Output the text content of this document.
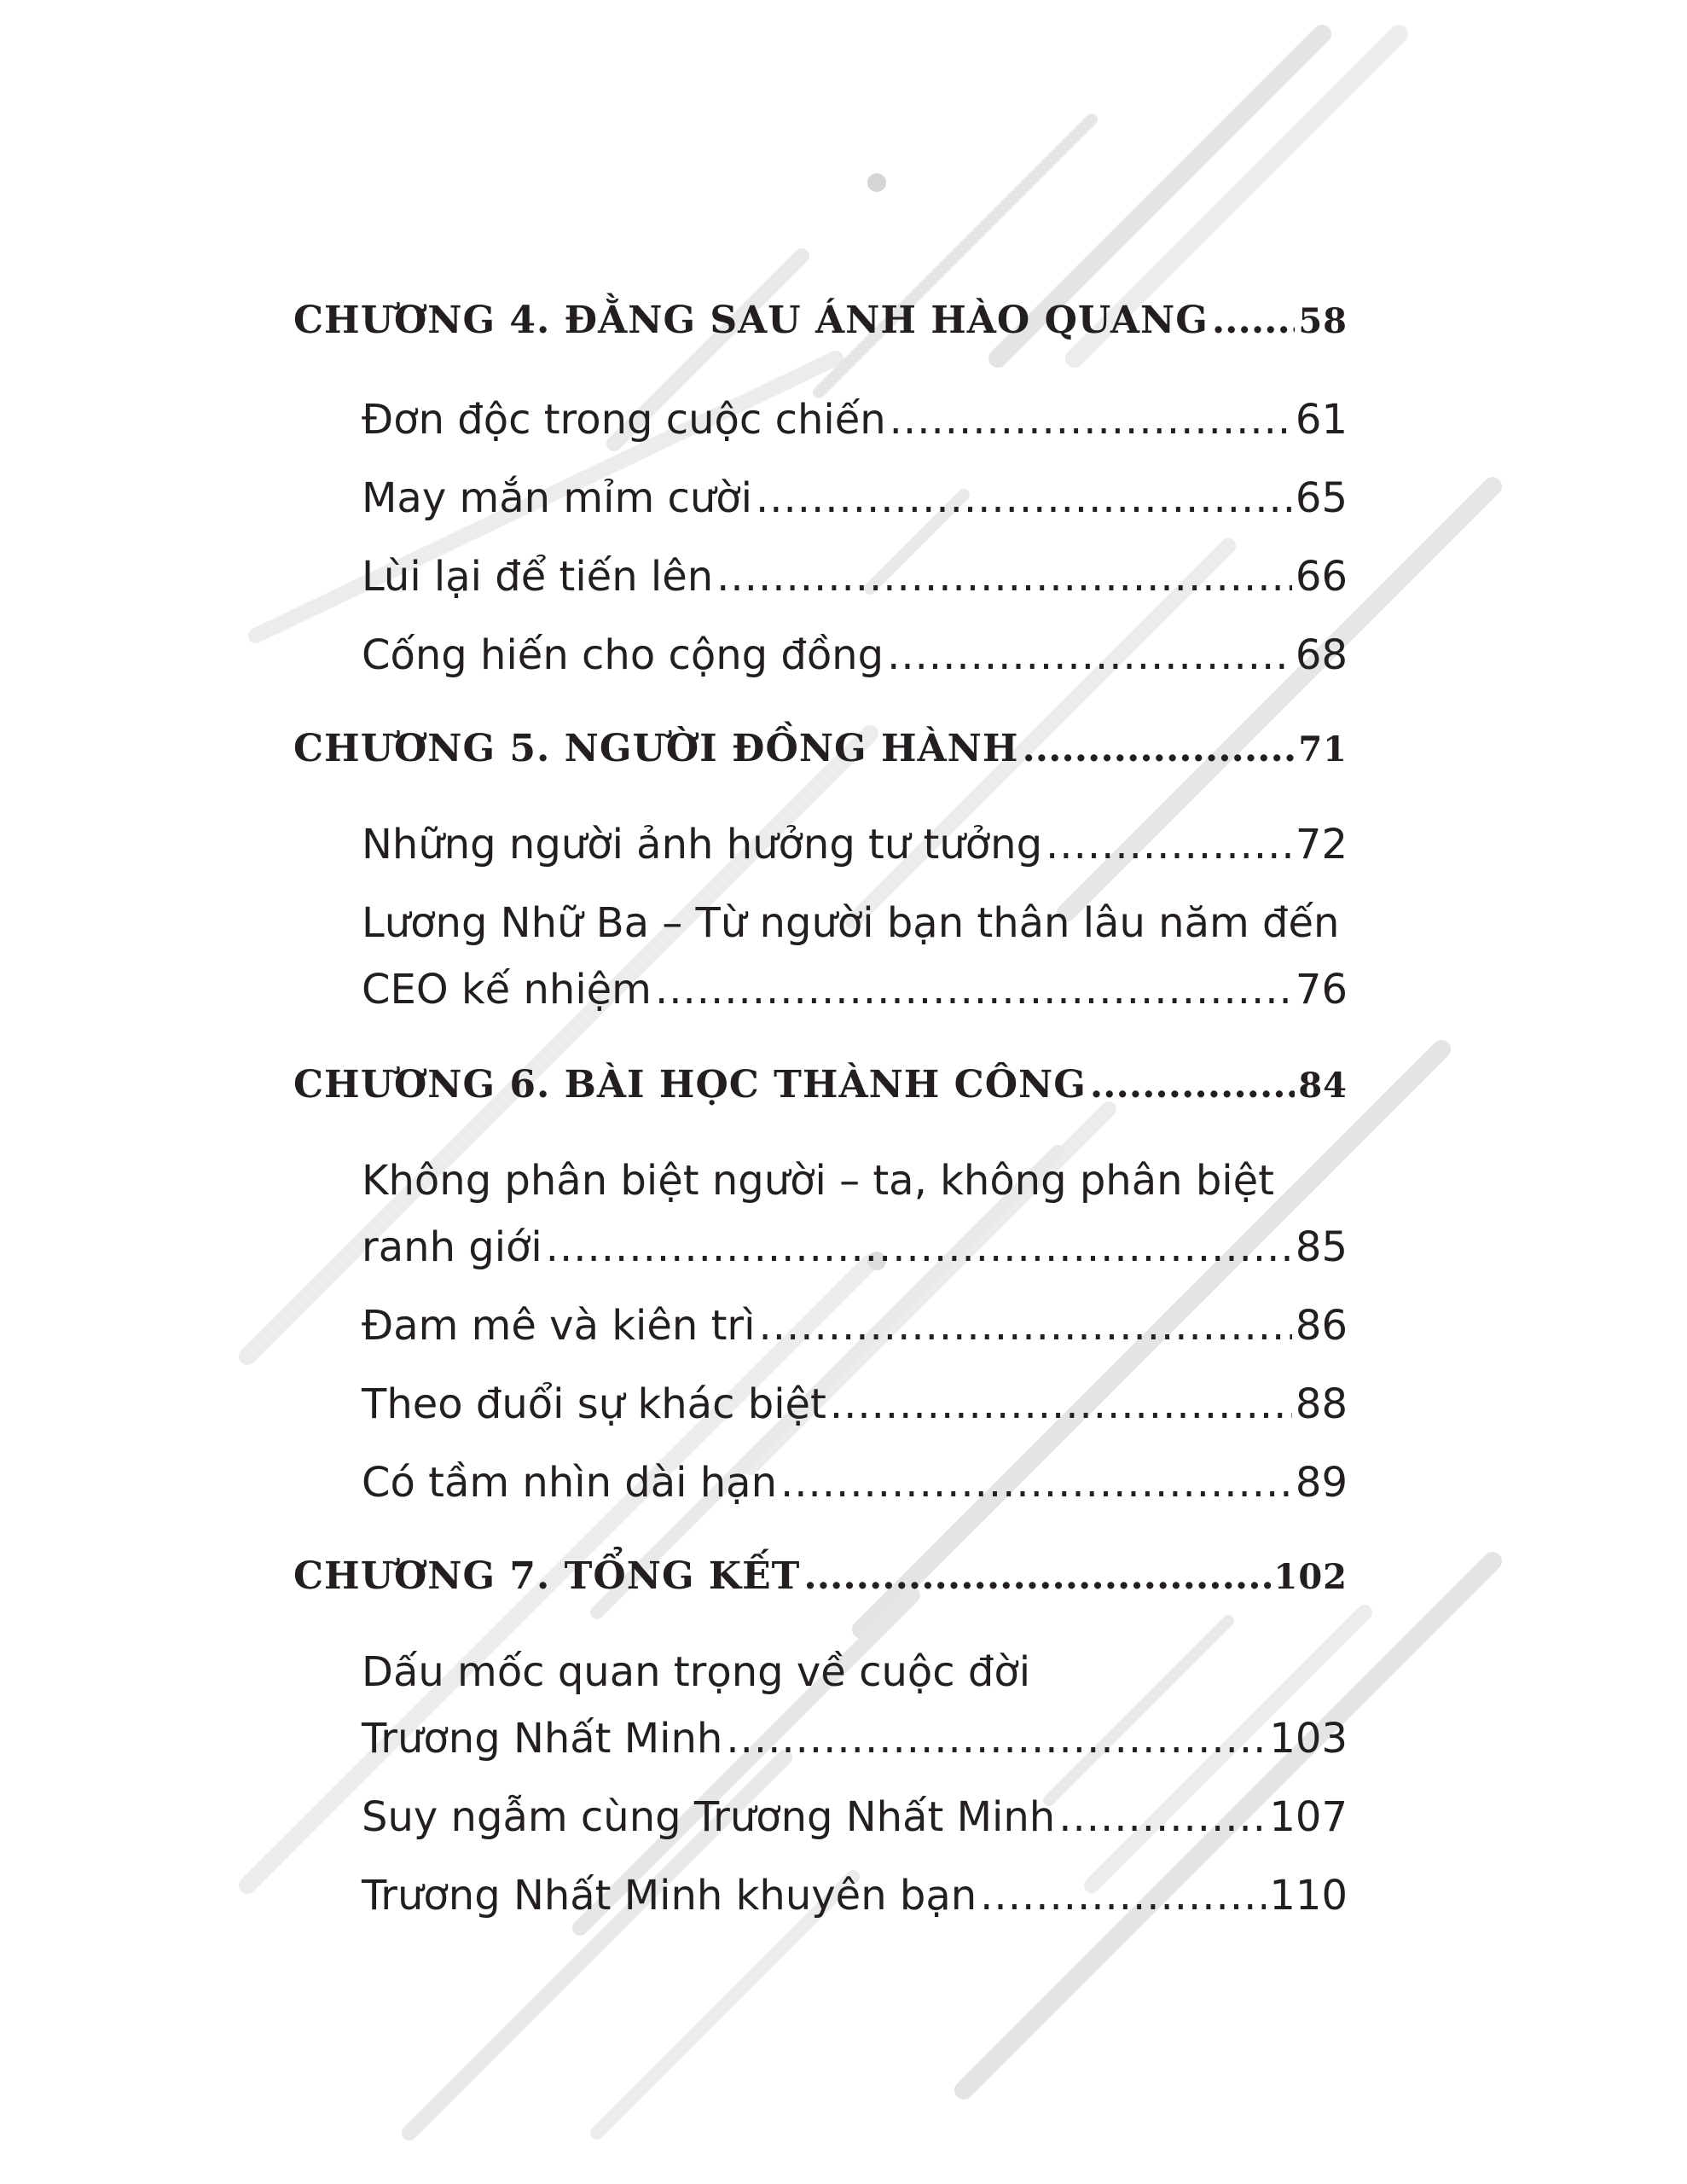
CHƯƠNG 4. ĐẰNG SAU ÁNH HÀO QUANG .....	58
Đơn độc trong cuộc chiến .....	61
May mắn mỉm cười .....	65
Lùi lại để tiến lên .....	66
Cống hiến cho cộng đồng .....	68
CHƯƠNG 5. NGƯỜI ĐỒNG HÀNH .....	71
Những người ảnh hưởng tư tưởng .....	72
Lương Nhữ Ba – Từ người bạn thân lâu năm đến
CEO kế nhiệm .....	76
CHƯƠNG 6. BÀI HỌC THÀNH CÔNG .....	84
Không phân biệt người – ta, không phân biệt
ranh giới .....	85
Đam mê và kiên trì .....	86
Theo đuổi sự khác biệt .....	88
Có tầm nhìn dài hạn .....	89
CHƯƠNG 7. TỔNG KẾT .....	102
Dấu mốc quan trọng về cuộc đời
Trương Nhất Minh .....	103
Suy ngẫm cùng Trương Nhất Minh .....	107
Trương Nhất Minh khuyên bạn .....	110
